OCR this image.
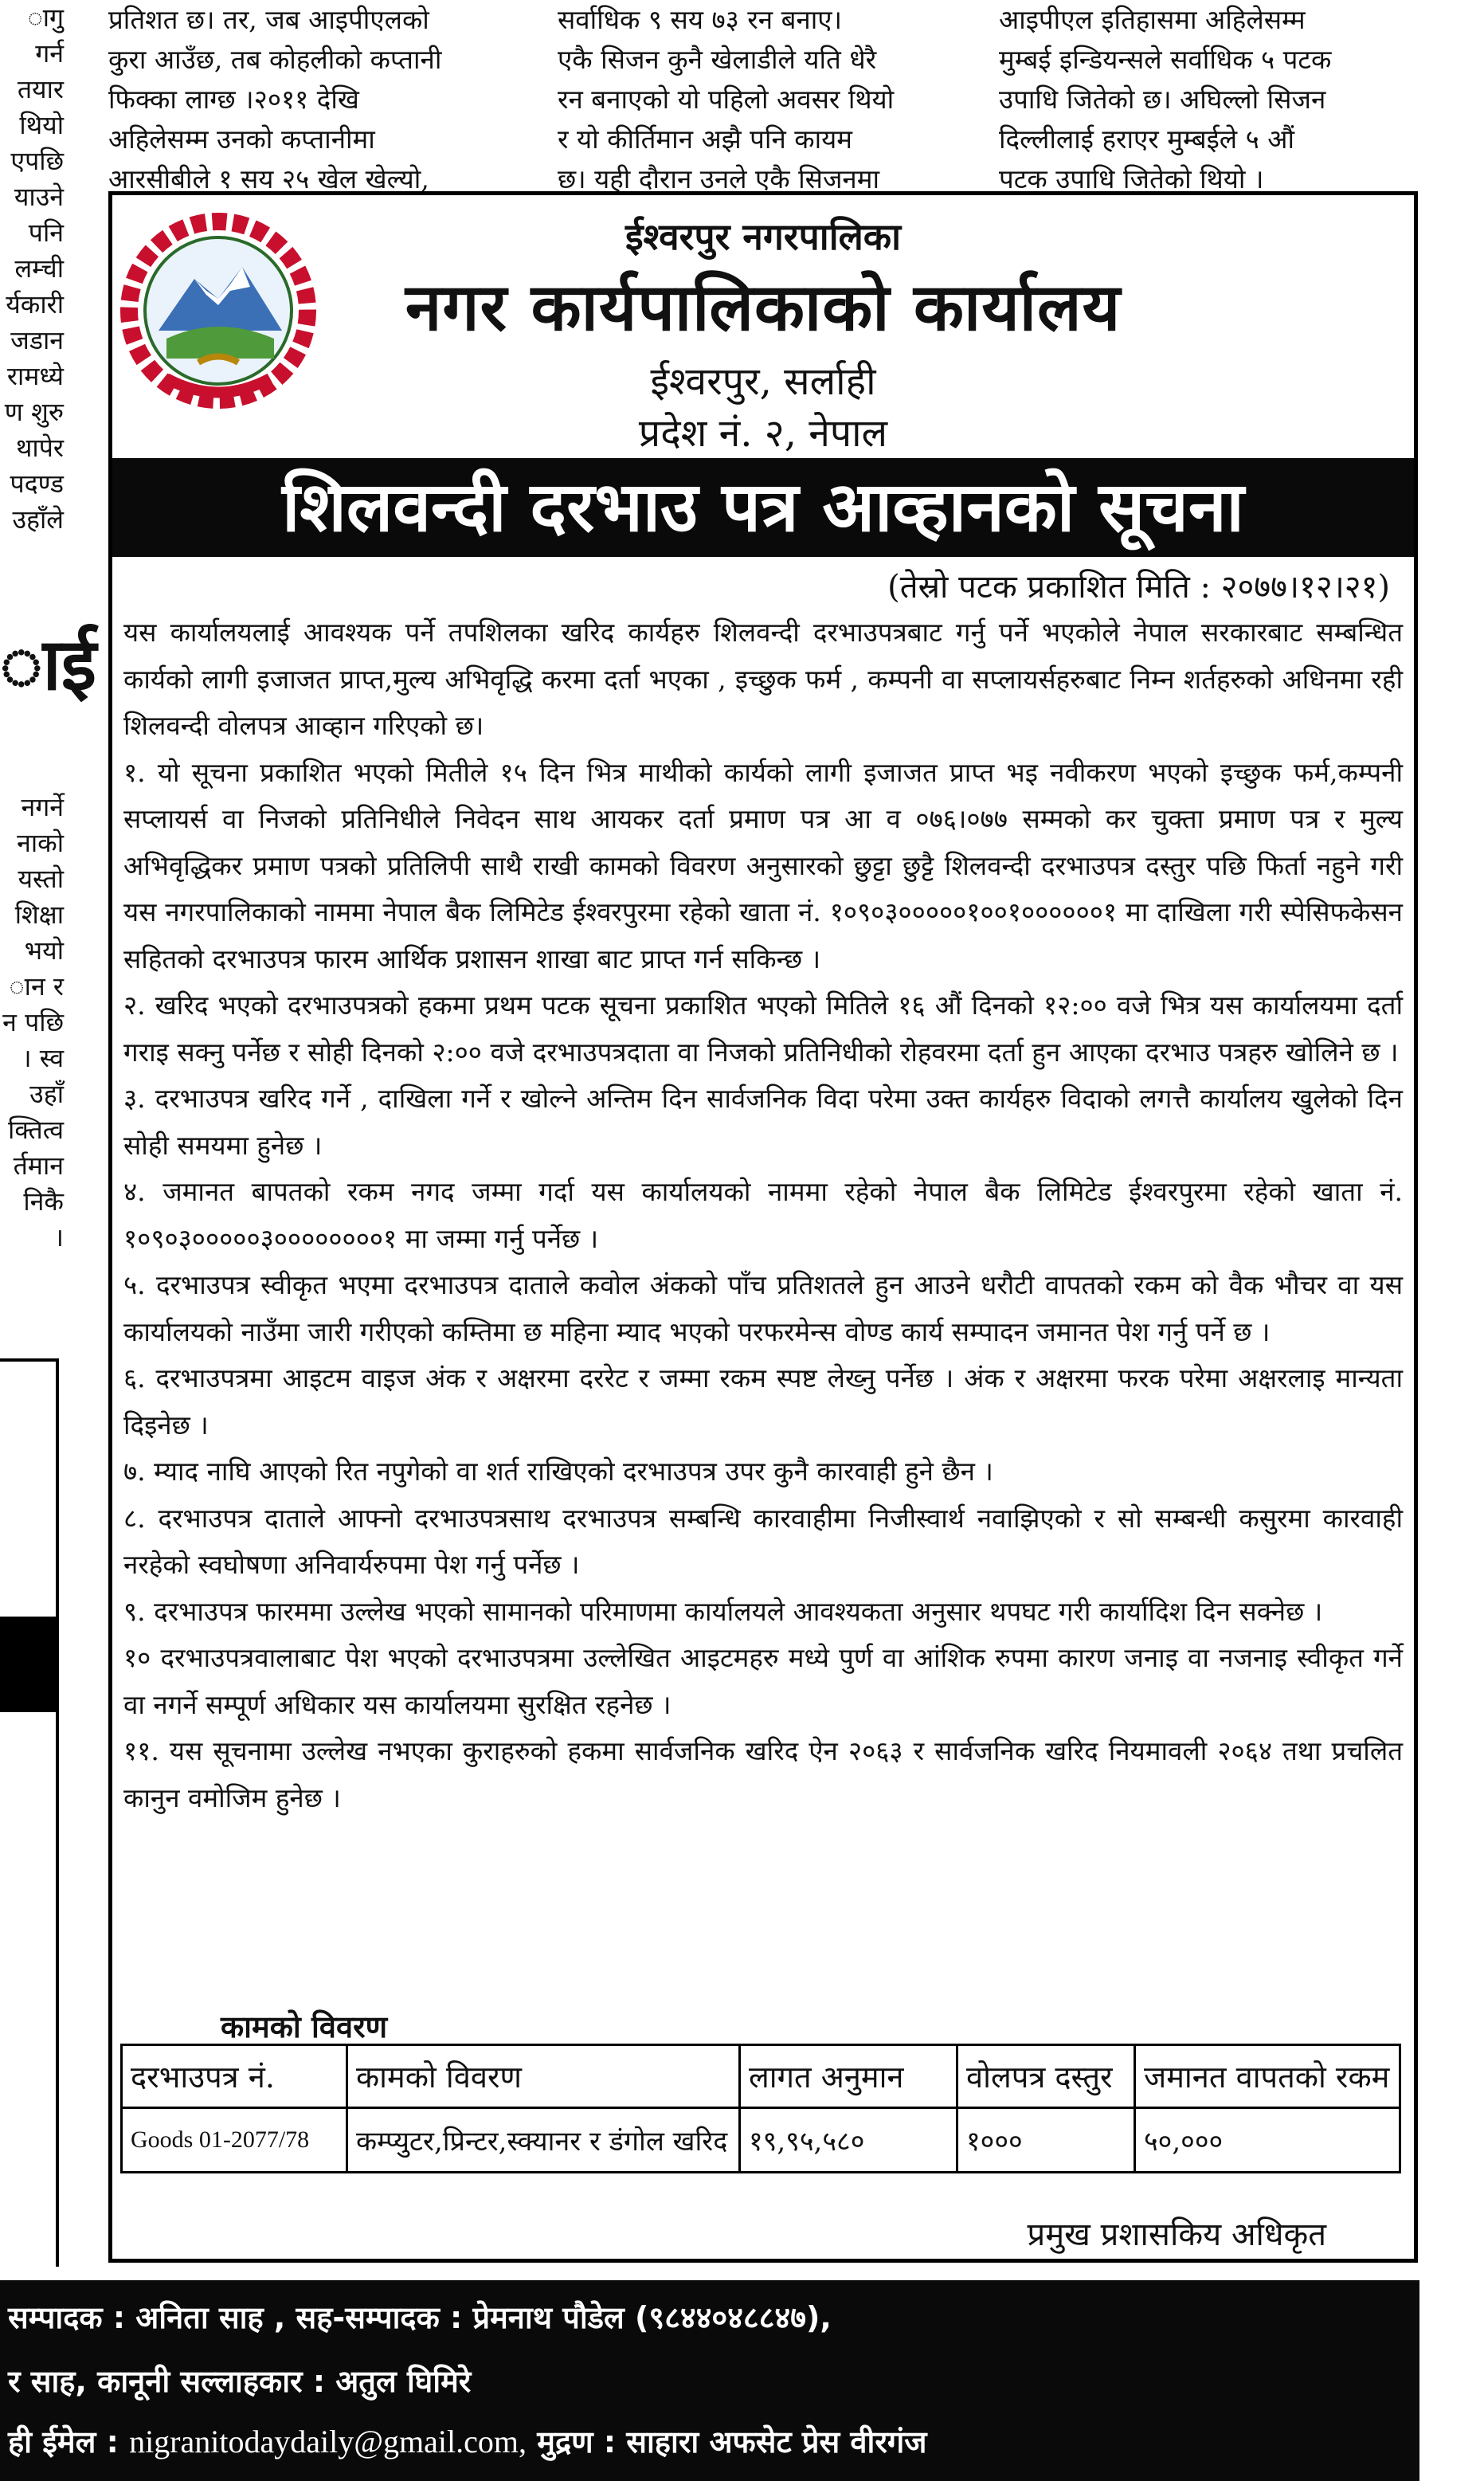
ागु
गर्न
तयार
थियो
एपछि
याउने
पनि
लम्ची
र्यकारी
जडान
रामध्ये
ण शुरु
थापेर
पदण्ड
उहाँले
ाई
नगर्ने
नाको
यस्तो
शिक्षा
भयो
ान र
न पछि
। स्व
उहाँ
क्तित्व
र्तमान
निकै
।
प्रतिशत छ। तर, जब आइपीएलको
कुरा आउँछ, तब कोहलीको कप्तानी
फिक्का लाग्छ ।२०११ देखि
अहिलेसम्म उनको कप्तानीमा
आरसीबीले १ सय २५ खेल खेल्यो,
सर्वाधिक ९ सय ७३ रन बनाए।
एकै सिजन कुनै खेलाडीले यति धेरै
रन बनाएको यो पहिलो अवसर थियो
र यो कीर्तिमान अझै पनि कायम
छ। यही दौरान उनले एकै सिजनमा
आइपीएल इतिहासमा अहिलेसम्म
मुम्बई इन्डियन्सले सर्वाधिक ५ पटक
उपाधि जितेको छ। अघिल्लो सिजन
दिल्लीलाई हराएर मुम्बईले ५ औं
पटक उपाधि जितेको थियो ।
ईश्वरपुर नगरपालिका
नगर कार्यपालिकाको कार्यालय
ईश्वरपुर, सर्लाही
प्रदेश नं. २, नेपाल
शिलवन्दी दरभाउ पत्र आव्हानको सूचना
(तेस्रो पटक प्रकाशित मिति : २०७७।१२।२१)

यस कार्यालयलाई आवश्यक पर्ने तपशिलका खरिद कार्यहरु शिलवन्दी दरभाउपत्रबाट गर्नु पर्ने भएकोले नेपाल सरकारबाट सम्बन्धित कार्यको लागी इजाजत प्राप्त,मुल्य अभिवृद्धि करमा दर्ता भएका , इच्छुक फर्म , कम्पनी वा सप्लायर्सहरुबाट निम्न शर्तहरुको अधिनमा रही शिलवन्दी वोलपत्र आव्हान गरिएको छ।

१. यो सूचना प्रकाशित भएको मितीले १५ दिन भित्र माथीको कार्यको लागी इजाजत प्राप्त भइ नवीकरण भएको इच्छुक फर्म,कम्पनी सप्लायर्स वा निजको प्रतिनिधीले निवेदन साथ आयकर दर्ता प्रमाण पत्र आ व ०७६।०७७ सम्मको कर चुक्ता प्रमाण पत्र र मुल्य अभिवृद्धिकर प्रमाण पत्रको प्रतिलिपी साथै राखी कामको विवरण अनुसारको छुट्टा छुट्टै शिलवन्दी दरभाउपत्र दस्तुर पछि फिर्ता नहुने गरी यस नगरपालिकाको नाममा नेपाल बैक लिमिटेड ईश्वरपुरमा रहेको खाता नं. १०९०३०००००१००१००००००१ मा दाखिला गरी स्पेसिफकेसन सहितको दरभाउपत्र फारम आर्थिक प्रशासन शाखा बाट प्राप्त गर्न सकिन्छ ।

२. खरिद भएको दरभाउपत्रको हकमा प्रथम पटक सूचना प्रकाशित भएको मितिले १६ औं दिनको १२:०० वजे भित्र यस कार्यालयमा दर्ता गराइ सक्नु पर्नेछ र सोही दिनको २:०० वजे दरभाउपत्रदाता वा निजको प्रतिनिधीको रोहवरमा दर्ता हुन आएका दरभाउ पत्रहरु खोलिने छ ।

३. दरभाउपत्र खरिद गर्ने , दाखिला गर्ने र खोल्ने अन्तिम दिन सार्वजनिक विदा परेमा उक्त कार्यहरु विदाको लगत्तै कार्यालय खुलेको दिन सोही समयमा हुनेछ ।

४. जमानत बापतको रकम नगद जम्मा गर्दा यस कार्यालयको नाममा रहेको नेपाल बैक लिमिटेड ईश्वरपुरमा रहेको खाता नं. १०९०३०००००३००००००००१ मा जम्मा गर्नु पर्नेछ ।

५. दरभाउपत्र स्वीकृत भएमा दरभाउपत्र दाताले कवोल अंकको पाँच प्रतिशतले हुन आउने धरौटी वापतको रकम को वैक भौचर वा यस कार्यालयको नाउँमा जारी गरीएको कम्तिमा छ महिना म्याद भएको परफरमेन्स वोण्ड कार्य सम्पादन जमानत पेश गर्नु पर्ने छ ।

६. दरभाउपत्रमा आइटम वाइज अंक र अक्षरमा दररेट र जम्मा रकम स्पष्ट लेख्नु पर्नेछ । अंक र अक्षरमा फरक परेमा अक्षरलाइ मान्यता दिइनेछ ।

७. म्याद नाघि आएको रित नपुगेको वा शर्त राखिएको दरभाउपत्र उपर कुनै कारवाही हुने छैन ।

८. दरभाउपत्र दाताले आफ्नो दरभाउपत्रसाथ दरभाउपत्र सम्बन्धि कारवाहीमा निजीस्वार्थ नवाझिएको र सो सम्बन्धी कसुरमा कारवाही नरहेको स्वघोषणा अनिवार्यरुपमा पेश गर्नु पर्नेछ ।

९. दरभाउपत्र फारममा उल्लेख भएको सामानको परिमाणमा कार्यालयले आवश्यकता अनुसार थपघट गरी कार्यादिश दिन सक्नेछ ।

१० दरभाउपत्रवालाबाट पेश भएको दरभाउपत्रमा उल्लेखित आइटमहरु मध्ये पुर्ण वा आंशिक रुपमा कारण जनाइ वा नजनाइ स्वीकृत गर्ने वा नगर्ने सम्पूर्ण अधिकार यस कार्यालयमा सुरक्षित रहनेछ ।

११. यस सूचनामा उल्लेख नभएका कुराहरुको हकमा सार्वजनिक खरिद ऐन २०६३ र सार्वजनिक खरिद नियमावली २०६४ तथा प्रचलित कानुन वमोजिम हुनेछ ।

कामको विवरण
दरभाउपत्र नं.	कामको विवरण	लागत अनुमान	वोलपत्र दस्तुर	जमानत वापतको रकम
Goods 01-2077/78	कम्प्युटर,प्रिन्टर,स्क्यानर र डंगोल खरिद	१९,९५,५८०	१०००	५०,०००
प्रमुख प्रशासकिय अधिकृत
सम्पादक : अनिता साह , सह-सम्पादक : प्रेमनाथ पौडेल (९८४४०४८८४७),
र साह, कानूनी सल्लाहकार : अतुल घिमिरे
ही ईमेल : nigranitodaydaily@gmail.com, मुद्रण : साहारा अफसेट प्रेस वीरगंज
